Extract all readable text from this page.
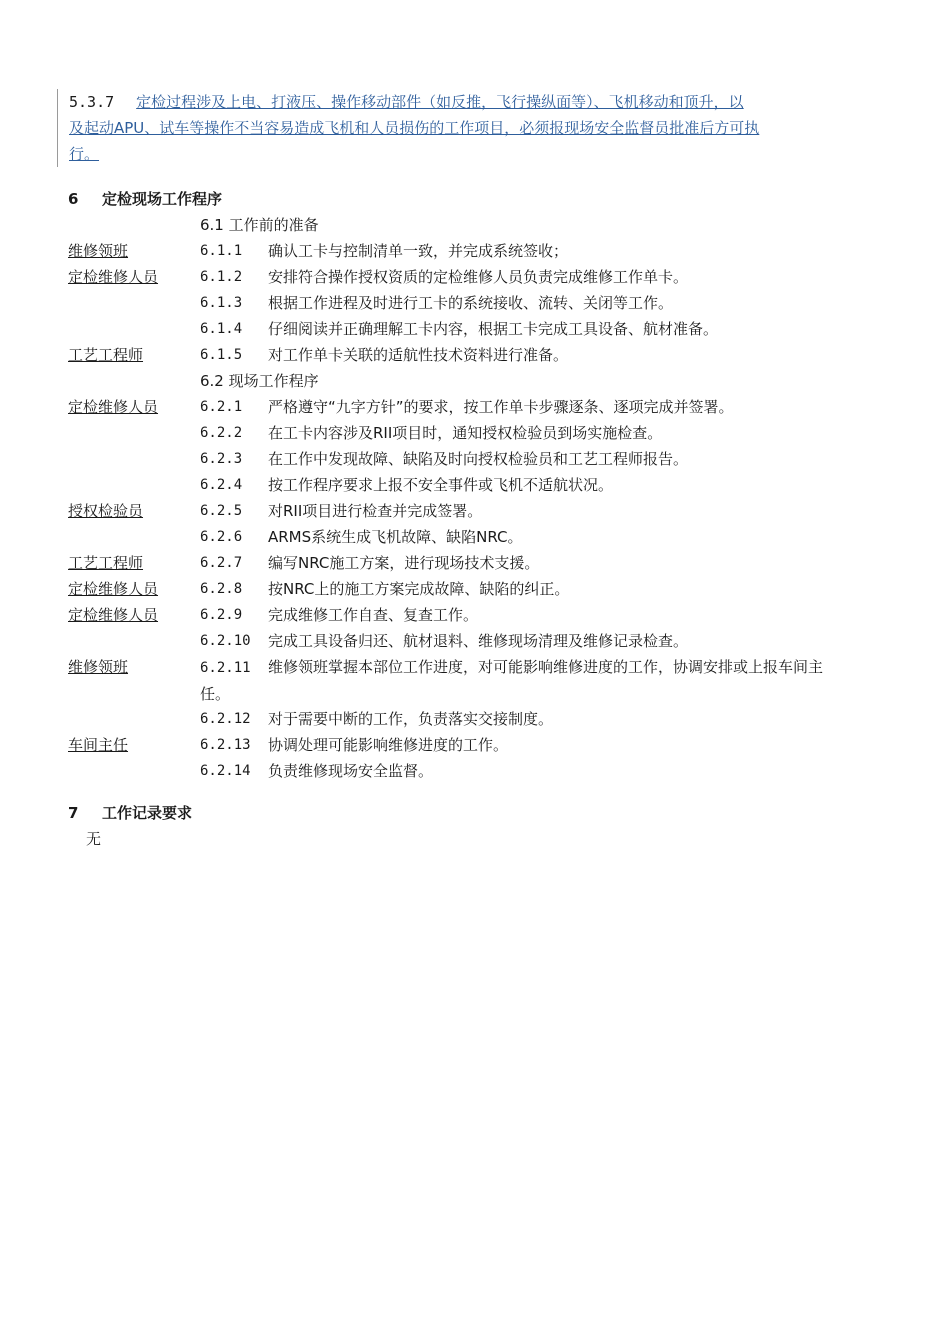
5.3.7 定检过程涉及上电、打液压、操作移动部件（如反推，飞行操纵面等）、飞机移动和顶升，以
及起动APU、试车等操作不当容易造成飞机和人员损伤的工作项目，必须报现场安全监督员批准后方可执
行。
6 定检现场工作程序
6.1 工作前的准备
维修领班	6.1.1	确认工卡与控制清单一致，并完成系统签收；
定检维修人员	6.1.2	安排符合操作授权资质的定检维修人员负责完成维修工作单卡。
6.1.3	根据工作进程及时进行工卡的系统接收、流转、关闭等工作。
6.1.4	仔细阅读并正确理解工卡内容，根据工卡完成工具设备、航材准备。
工艺工程师	6.1.5	对工作单卡关联的适航性技术资料进行准备。
6.2 现场工作程序
定检维修人员	6.2.1	严格遵守“九字方针”的要求，按工作单卡步骤逐条、逐项完成并签署。
6.2.2	在工卡内容涉及RII项目时，通知授权检验员到场实施检查。
6.2.3	在工作中发现故障、缺陷及时向授权检验员和工艺工程师报告。
6.2.4	按工作程序要求上报不安全事件或飞机不适航状况。
授权检验员	6.2.5	对RII项目进行检查并完成签署。
6.2.6	ARMS系统生成飞机故障、缺陷NRC。
工艺工程师	6.2.7	编写NRC施工方案，进行现场技术支援。
定检维修人员	6.2.8	按NRC上的施工方案完成故障、缺陷的纠正。
定检维修人员	6.2.9	完成维修工作自查、复查工作。
6.2.10	完成工具设备归还、航材退料、维修现场清理及维修记录检查。
维修领班	6.2.11 维修领班掌握本部位工作进度，对可能影响维修进度的工作，协调安排或上报车间主任。
6.2.12	对于需要中断的工作，负责落实交接制度。
车间主任	6.2.13	协调处理可能影响维修进度的工作。
6.2.14	负责维修现场安全监督。
7 工作记录要求
无
